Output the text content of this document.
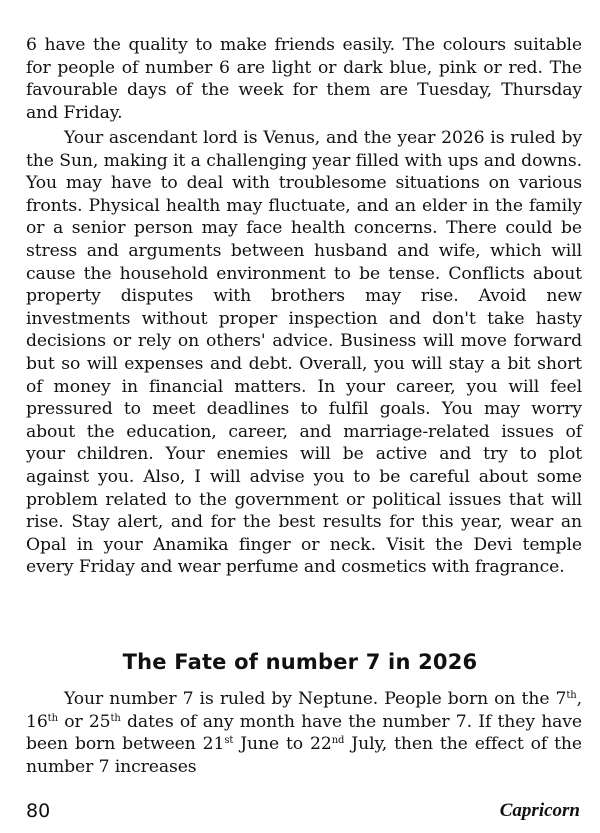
6 have the quality to make friends easily. The colours suitable for people of number 6 are light or dark blue, pink or red. The favourable days of the week for them are Tuesday, Thursday and Friday.

Your ascendant lord is Venus, and the year 2026 is ruled by the Sun, making it a challenging year filled with ups and downs. You may have to deal with troublesome situations on various fronts. Physical health may fluctuate, and an elder in the family or a senior person may face health concerns. There could be stress and arguments between husband and wife, which will cause the household environment to be tense. Conflicts about property disputes with brothers may rise. Avoid new investments without proper inspection and don't take hasty decisions or rely on others' advice. Business will move forward but so will expenses and debt. Overall, you will stay a bit short of money in financial matters. In your career, you will feel pressured to meet deadlines to fulfil goals. You may worry about the education, career, and marriage-related issues of your children. Your enemies will be active and try to plot against you. Also, I will advise you to be careful about some problem related to the government or political issues that will rise. Stay alert, and for the best results for this year, wear an Opal in your Anamika finger or neck. Visit the Devi temple every Friday and wear perfume and cosmetics with fragrance.

The Fate of number 7 in 2026

Your number 7 is ruled by Neptune. People born on the 7th, 16th or 25th dates of any month have the number 7. If they have been born between 21st June to 22nd July, then the effect of the number 7 increases

80	Capricorn
